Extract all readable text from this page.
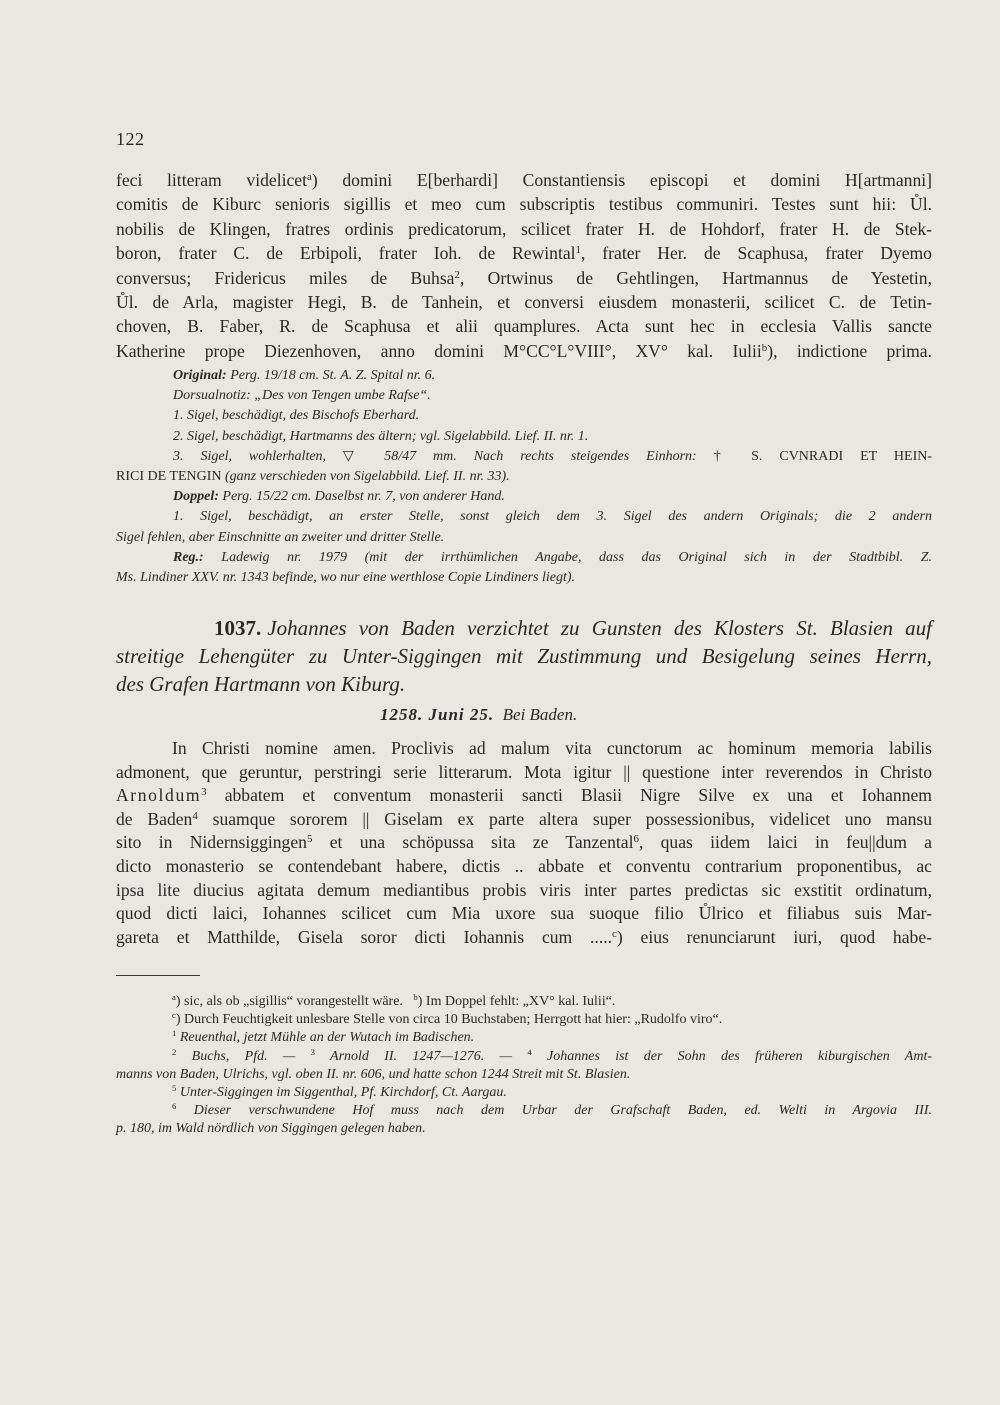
122
feci litteram videlicet$^a$) domini E[berhardi] Constantiensis episcopi et domini H[artmanni]
comitis de Kiburc senioris sigillis et meo cum subscriptis testibus communiri. Testes sunt hii: Ůl.
nobilis de Klingen, fratres ordinis predicatorum, scilicet frater H. de Hohdorf, frater H. de Stek-
boron, frater C. de Erbipoli, frater Ioh. de Rewintal$^1$, frater Her. de Scaphusa, frater Dyemo
conversus; Fridericus miles de Buhsa$^2$, Ortwinus de Gehtlingen, Hartmannus de Yestetin,
Ůl. de Arla, magister Hegi, B. de Tanhein, et conversi eiusdem monasterii, scilicet C. de Tetin-
choven, B. Faber, R. de Scaphusa et alii quamplures. Acta sunt hec in ecclesia Vallis sancte
Katherine prope Diezenhoven, anno domini M°CC°L°VIII°, XV° kal. Iulii$^b$), indictione prima.
Original: Perg. 19/18 cm. St. A. Z. Spital nr. 6.
Dorsualnotiz: „Des von Tengen umbe Rafse“.
1. Sigel, beschädigt, des Bischofs Eberhard.
2. Sigel, beschädigt, Hartmanns des ältern; vgl. Sigelabbild. Lief. II. nr. 1.
3. Sigel, wohlerhalten, ▽ 58/47 mm. Nach rechts steigendes Einhorn: † S. CVNRADI ET HEIN-
RICI DE TENGIN (ganz verschieden von Sigelabbild. Lief. II. nr. 33).
Doppel: Perg. 15/22 cm. Daselbst nr. 7, von anderer Hand.
1. Sigel, beschädigt, an erster Stelle, sonst gleich dem 3. Sigel des andern Originals; die 2 andern
Sigel fehlen, aber Einschnitte an zweiter und dritter Stelle.
Reg.: Ladewig nr. 1979 (mit der irrthümlichen Angabe, dass das Original sich in der Stadtbibl. Z.
Ms. Lindiner XXV. nr. 1343 befinde, wo nur eine werthlose Copie Lindiners liegt).
1037. Johannes von Baden verzichtet zu Gunsten des Klosters St. Blasien auf
streitige Lehengüter zu Unter-Siggingen mit Zustimmung und Besigelung seines Herrn,
des Grafen Hartmann von Kiburg.
1258. Juni 25. Bei Baden.
In Christi nomine amen. Proclivis ad malum vita cunctorum ac hominum memoria labilis
admonent, que geruntur, perstringi serie litterarum. Mota igitur || questione inter reverendos in Christo
Arnoldum$^3$ abbatem et conventum monasterii sancti Blasii Nigre Silve ex una et Iohannem
de Baden$^4$ suamque sororem || Giselam ex parte altera super possessionibus, videlicet uno mansu
sito in Nidernsiggingen$^5$ et una schöpussa sita ze Tanzental$^6$, quas iidem laici in feu||dum a
dicto monasterio se contendebant habere, dictis .. abbate et conventu contrarium proponentibus, ac
ipsa lite diucius agitata demum mediantibus probis viris inter partes predictas sic exstitit ordinatum,
quod dicti laici, Iohannes scilicet cum Mia uxore sua suoque filio Ůlrico et filiabus suis Mar-
gareta et Matthilde, Gisela soror dicti Iohannis cum .....$^c$) eius renunciarunt iuri, quod habe-
$^a$) sic, als ob „sigillis“ vorangestellt wäre. $^b$) Im Doppel fehlt: „XV° kal. Iulii“.
$^c$) Durch Feuchtigkeit unlesbare Stelle von circa 10 Buchstaben; Herrgott hat hier: „Rudolfo viro“.
$^1$ Reuenthal, jetzt Mühle an der Wutach im Badischen.
$^2$ Buchs, Pfd. — $^3$ Arnold II. 1247—1276. — $^4$ Johannes ist der Sohn des früheren kiburgischen Amt-
manns von Baden, Ulrichs, vgl. oben II. nr. 606, und hatte schon 1244 Streit mit St. Blasien.
$^5$ Unter-Siggingen im Siggenthal, Pf. Kirchdorf, Ct. Aargau.
$^6$ Dieser verschwundene Hof muss nach dem Urbar der Grafschaft Baden, ed. Welti in Argovia III.
p. 180, im Wald nördlich von Siggingen gelegen haben.
